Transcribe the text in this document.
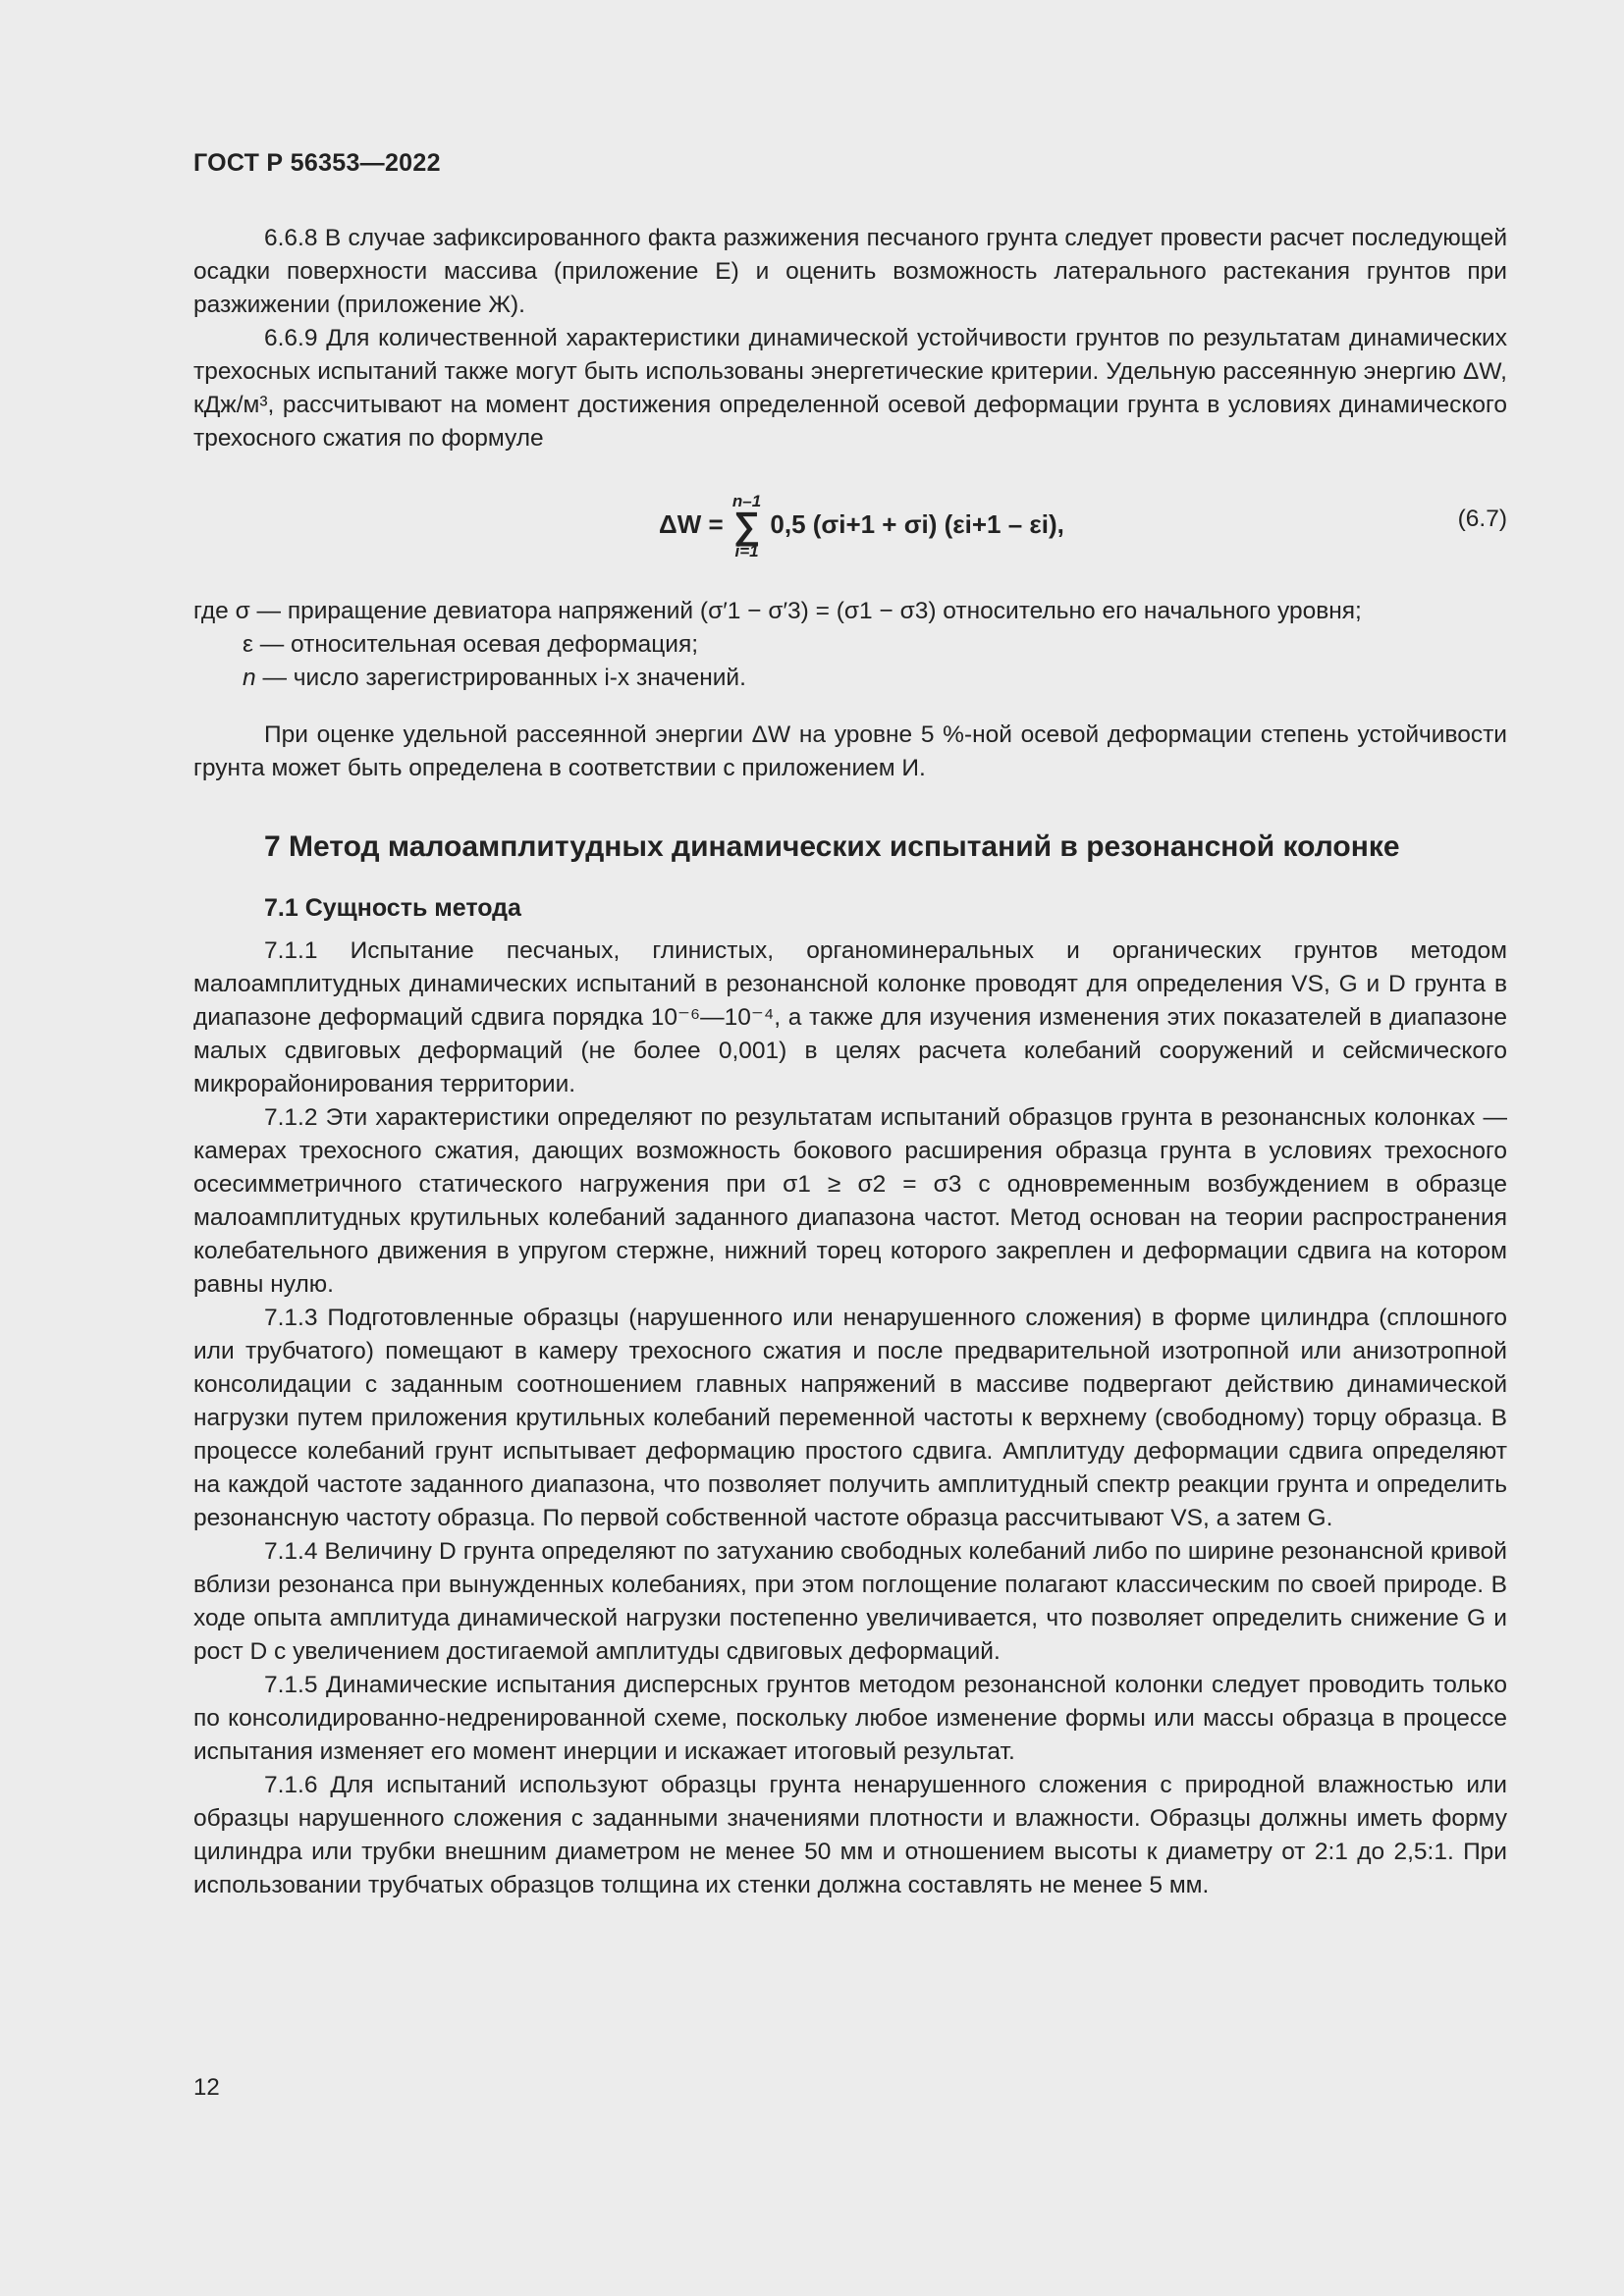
ГОСТ Р 56353—2022

6.6.8 В случае зафиксированного факта разжижения песчаного грунта следует провести расчет последующей осадки поверхности массива (приложение Е) и оценить возможность латерального растекания грунтов при разжижении (приложение Ж).

6.6.9 Для количественной характеристики динамической устойчивости грунтов по результатам динамических трехосных испытаний также могут быть использованы энергетические критерии. Удельную рассеянную энергию ΔW, кДж/м³, рассчитывают на момент достижения определенной осевой деформации грунта в условиях динамического трехосного сжатия по формуле

ΔW =
n–1
∑
i=1
0,5 (σi+1 + σi) (εi+1 – εi),	(6.7)
где σ — приращение девиатора напряжений (σ′1 − σ′3) = (σ1 − σ3) относительно его начального уровня;
ε — относительная осевая деформация;
n — число зарегистрированных i-х значений.

При оценке удельной рассеянной энергии ΔW на уровне 5 %-ной осевой деформации степень устойчивости грунта может быть определена в соответствии с приложением И.

7 Метод малоамплитудных динамических испытаний в резонансной колонке
7.1 Сущность метода

7.1.1 Испытание песчаных, глинистых, органоминеральных и органических грунтов методом малоамплитудных динамических испытаний в резонансной колонке проводят для определения VS, G и D грунта в диапазоне деформаций сдвига порядка 10⁻⁶—10⁻⁴, а также для изучения изменения этих показателей в диапазоне малых сдвиговых деформаций (не более 0,001) в целях расчета колебаний сооружений и сейсмического микрорайонирования территории.

7.1.2 Эти характеристики определяют по результатам испытаний образцов грунта в резонансных колонках — камерах трехосного сжатия, дающих возможность бокового расширения образца грунта в условиях трехосного осесимметричного статического нагружения при σ1 ≥ σ2 = σ3 с одновременным возбуждением в образце малоамплитудных крутильных колебаний заданного диапазона частот. Метод основан на теории распространения колебательного движения в упругом стержне, нижний торец которого закреплен и деформации сдвига на котором равны нулю.

7.1.3 Подготовленные образцы (нарушенного или ненарушенного сложения) в форме цилиндра (сплошного или трубчатого) помещают в камеру трехосного сжатия и после предварительной изотропной или анизотропной консолидации с заданным соотношением главных напряжений в массиве подвергают действию динамической нагрузки путем приложения крутильных колебаний переменной частоты к верхнему (свободному) торцу образца. В процессе колебаний грунт испытывает деформацию простого сдвига. Амплитуду деформации сдвига определяют на каждой частоте заданного диапазона, что позволяет получить амплитудный спектр реакции грунта и определить резонансную частоту образца. По первой собственной частоте образца рассчитывают VS, а затем G.

7.1.4 Величину D грунта определяют по затуханию свободных колебаний либо по ширине резонансной кривой вблизи резонанса при вынужденных колебаниях, при этом поглощение полагают классическим по своей природе. В ходе опыта амплитуда динамической нагрузки постепенно увеличивается, что позволяет определить снижение G и рост D с увеличением достигаемой амплитуды сдвиговых деформаций.

7.1.5 Динамические испытания дисперсных грунтов методом резонансной колонки следует проводить только по консолидированно-недренированной схеме, поскольку любое изменение формы или массы образца в процессе испытания изменяет его момент инерции и искажает итоговый результат.

7.1.6 Для испытаний используют образцы грунта ненарушенного сложения с природной влажностью или образцы нарушенного сложения с заданными значениями плотности и влажности. Образцы должны иметь форму цилиндра или трубки внешним диаметром не менее 50 мм и отношением высоты к диаметру от 2:1 до 2,5:1. При использовании трубчатых образцов толщина их стенки должна составлять не менее 5 мм.

12
